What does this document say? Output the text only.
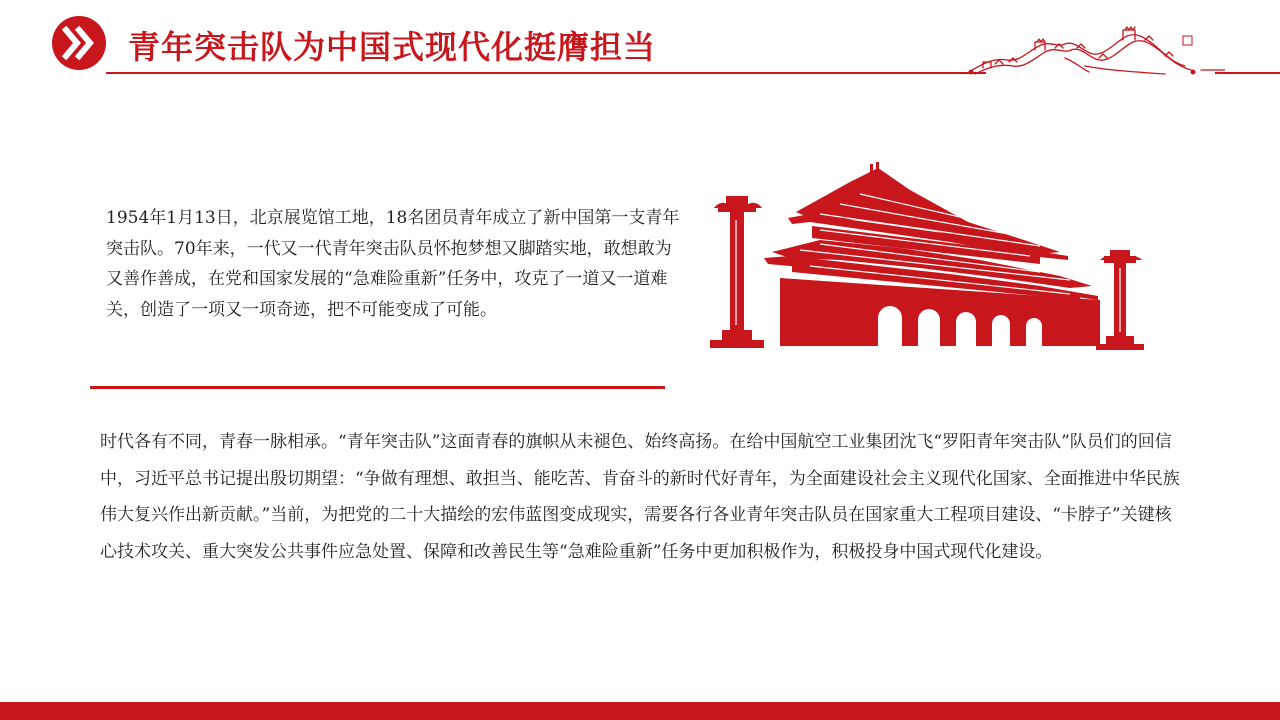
青年突击队为中国式现代化挺膺担当
1954年1月13日，北京展览馆工地，18名团员青年成立了新中国第一支青年突击队。70年来，一代又一代青年突击队员怀抱梦想又脚踏实地，敢想敢为又善作善成，在党和国家发展的“急难险重新”任务中，攻克了一道又一道难关，创造了一项又一项奇迹，把不可能变成了可能。
时代各有不同，青春一脉相承。“青年突击队”这面青春的旗帜从未褪色、始终高扬。在给中国航空工业集团沈飞“罗阳青年突击队”队员们的回信中，习近平总书记提出殷切期望：“争做有理想、敢担当、能吃苦、肯奋斗的新时代好青年，为全面建设社会主义现代化国家、全面推进中华民族伟大复兴作出新贡献。”当前，为把党的二十大描绘的宏伟蓝图变成现实，需要各行各业青年突击队员在国家重大工程项目建设、“卡脖子”关键核心技术攻关、重大突发公共事件应急处置、保障和改善民生等“急难险重新”任务中更加积极作为，积极投身中国式现代化建设。
